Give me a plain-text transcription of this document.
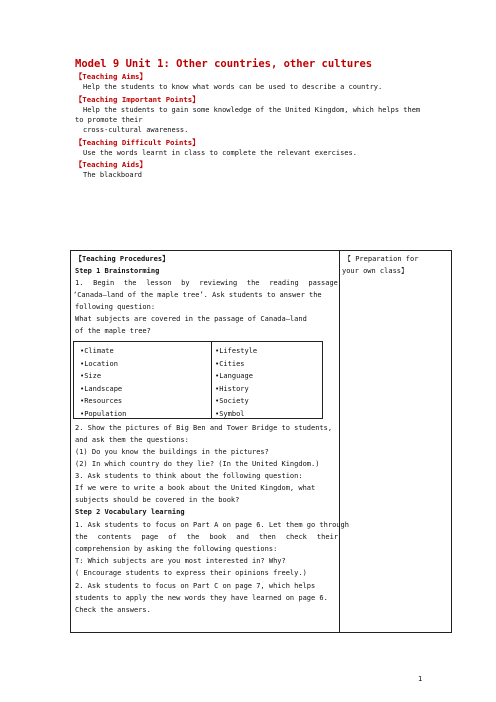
Model 9 Unit 1: Other countries, other cultures
【Teaching Aims】
Help the students to know what words can be used to describe a country.
【Teaching Important Points】
Help the students to gain some knowledge of the United Kingdom, which helps them
to promote their
cross-cultural awareness.
【Teaching Difficult Points】
Use the words learnt in class to complete the relevant exercises.
【Teaching Aids】
The blackboard
【Teaching Procedures】	【 Preparation for
your own class】
Step 1 Brainstorming
1. Begin the lesson by reviewing the reading passage
‘Canada—land of the maple tree’. Ask students to answer the
following question:
What subjects are covered in the passage of Canada—land
of the maple tree?
•Climate
•Location
•Size
•Landscape
•Resources
•Population
•Lifestyle
•Cities
•Language
•History
•Society
•Symbol
2. Show the pictures of Big Ben and Tower Bridge to students,
and ask them the questions:
(1) Do you know the buildings in the pictures?
(2) In which country do they lie? (In the United Kingdom.)
3. Ask students to think about the following question:
If we were to write a book about the United Kingdom, what
subjects should be covered in the book?
Step 2 Vocabulary learning
1. Ask students to focus on Part A on page 6. Let them go through
the contents page of the book and then check their
comprehension by asking the following questions:
T: Which subjects are you most interested in? Why?
( Encourage students to express their opinions freely.)
2. Ask students to focus on Part C on page 7, which helps
students to apply the new words they have learned on page 6.
Check the answers.
1
